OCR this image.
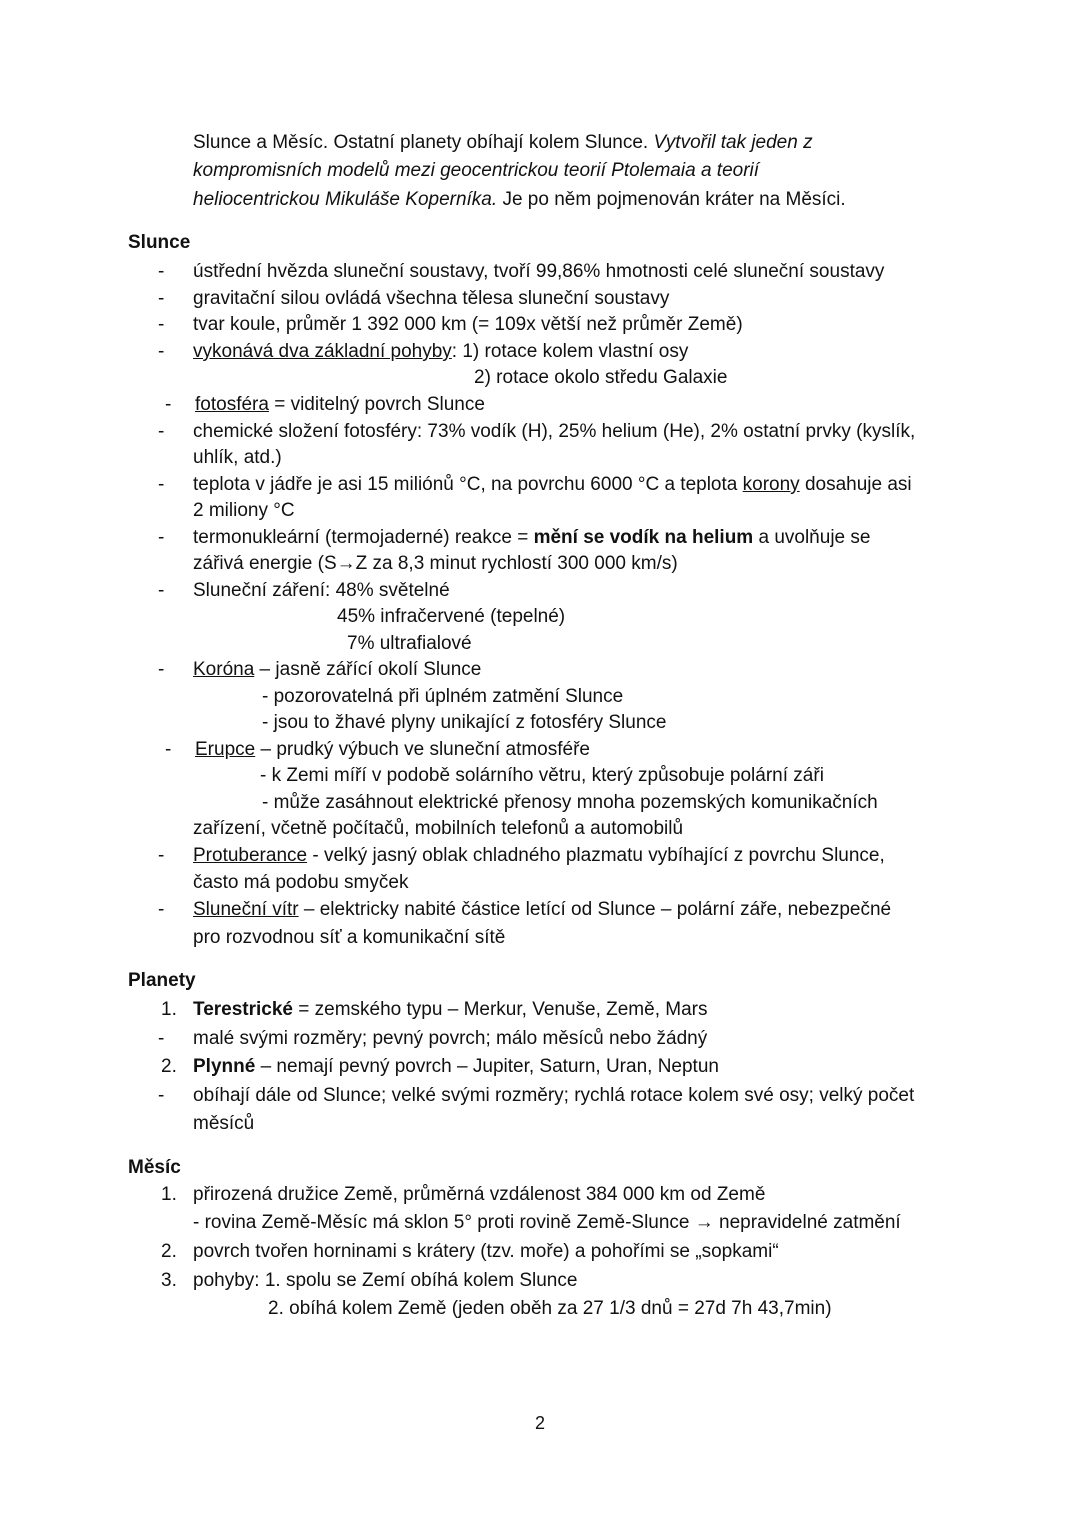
Slunce a Měsíc. Ostatní planety obíhají kolem Slunce. Vytvořil tak jeden z
kompromisních modelů mezi geocentrickou teorií Ptolemaia a teorií
heliocentrickou Mikuláše Koperníka. Je po něm pojmenován kráter na Měsíci.
Slunce
- ústřední hvězda sluneční soustavy, tvoří 99,86% hmotnosti celé sluneční soustavy
- gravitační silou ovládá všechna tělesa sluneční soustavy
- tvar koule, průměr 1 392 000 km (= 109x větší než průměr Země)
- vykonává dva základní pohyby: 1) rotace kolem vlastní osy
2) rotace okolo středu Galaxie
- fotosféra = viditelný povrch Slunce
- chemické složení fotosféry: 73% vodík (H), 25% helium (He), 2% ostatní prvky (kyslík,
uhlík, atd.)
- teplota v jádře je asi 15 miliónů °C, na povrchu 6000 °C a teplota korony dosahuje asi
2 miliony °C
- termonukleární (termojaderné) reakce = mění se vodík na helium a uvolňuje se
zářivá energie (S→Z za 8,3 minut rychlostí 300 000 km/s)
- Sluneční záření: 48% světelné
45% infračervené (tepelné)
7% ultrafialové
- Koróna – jasně zářící okolí Slunce
- pozorovatelná při úplném zatmění Slunce
- jsou to žhavé plyny unikající z fotosféry Slunce
- Erupce – prudký výbuch ve sluneční atmosféře
- k Zemi míří v podobě solárního větru, který způsobuje polární záři
- může zasáhnout elektrické přenosy mnoha pozemských komunikačních
zařízení, včetně počítačů, mobilních telefonů a automobilů
- Protuberance - velký jasný oblak chladného plazmatu vybíhající z povrchu Slunce,
často má podobu smyček
- Sluneční vítr – elektricky nabité částice letící od Slunce – polární záře, nebezpečné
pro rozvodnou síť a komunikační sítě
Planety
1. Terestrické = zemského typu – Merkur, Venuše, Země, Mars
- malé svými rozměry; pevný povrch; málo měsíců nebo žádný
2. Plynné – nemají pevný povrch – Jupiter, Saturn, Uran, Neptun
- obíhají dále od Slunce; velké svými rozměry; rychlá rotace kolem své osy; velký počet
měsíců
Měsíc
1. přirozená družice Země, průměrná vzdálenost 384 000 km od Země
- rovina Země-Měsíc má sklon 5° proti rovině Země-Slunce → nepravidelné zatmění
2. povrch tvořen horninami s krátery (tzv. moře) a pohořími se „sopkami“
3. pohyby: 1. spolu se Zemí obíhá kolem Slunce
2. obíhá kolem Země (jeden oběh za 27 1/3 dnů = 27d 7h 43,7min)
2
